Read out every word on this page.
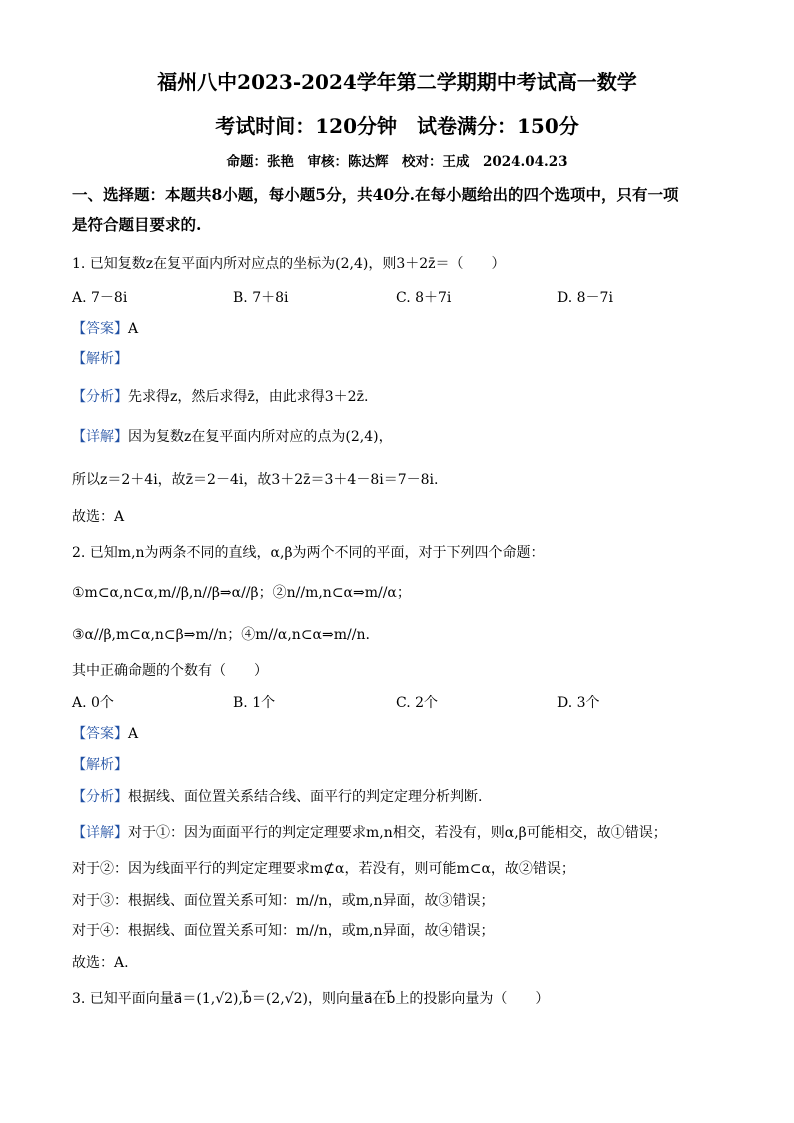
福州八中2023-2024学年第二学期期中考试高一数学
考试时间：120分钟　试卷满分：150分
命题：张艳　审核：陈达辉　校对：王成　2024.04.23
一、选择题：本题共8小题，每小题5分，共40分.在每小题给出的四个选项中，只有一项
是符合题目要求的.
1. 已知复数z在复平面内所对应点的坐标为(2,4)，则3＋2z̄＝（　　）
A. 7－8i	B. 7＋8i	C. 8＋7i	D. 8－7i
【答案】A
【解析】
【分析】先求得z，然后求得z̄，由此求得3＋2z̄.
【详解】因为复数z在复平面内所对应的点为(2,4)，
所以z＝2＋4i，故z̄＝2－4i，故3＋2z̄＝3＋4－8i＝7－8i.
故选：A
2. 已知m,n为两条不同的直线，α,β为两个不同的平面，对于下列四个命题：
①m⊂α,n⊂α,m//β,n//β⇒α//β；②n//m,n⊂α⇒m//α；
③α//β,m⊂α,n⊂β⇒m//n；④m//α,n⊂α⇒m//n.
其中正确命题的个数有（　　）
A. 0个	B. 1个	C. 2个	D. 3个
【答案】A
【解析】
【分析】根据线、面位置关系结合线、面平行的判定定理分析判断.
【详解】对于①：因为面面平行的判定定理要求m,n相交，若没有，则α,β可能相交，故①错误；
对于②：因为线面平行的判定定理要求m⊄α，若没有，则可能m⊂α，故②错误；
对于③：根据线、面位置关系可知：m//n，或m,n异面，故③错误；
对于④：根据线、面位置关系可知：m//n，或m,n异面，故④错误；
故选：A.
3. 已知平面向量a⃗＝(1,√2),b⃗＝(2,√2)，则向量a⃗在b⃗上的投影向量为（　　）
